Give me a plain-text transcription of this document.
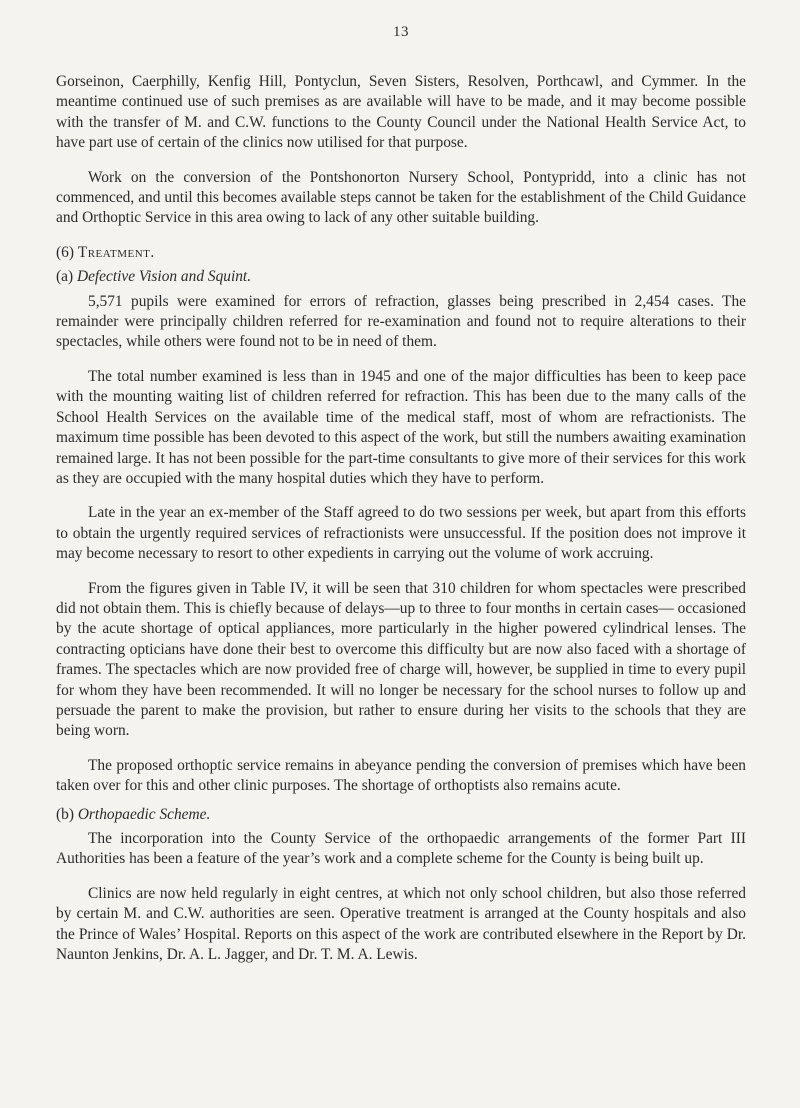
13

Gorseinon, Caerphilly, Kenfig Hill, Pontyclun, Seven Sisters, Resolven, Porthcawl, and Cymmer. In the meantime continued use of such premises as are available will have to be made, and it may become possible with the transfer of M. and C.W. functions to the County Council under the National Health Service Act, to have part use of certain of the clinics now utilised for that purpose.

Work on the conversion of the Pontshonorton Nursery School, Pontypridd, into a clinic has not commenced, and until this becomes available steps cannot be taken for the establishment of the Child Guidance and Orthoptic Service in this area owing to lack of any other suitable building.

(6) Treatment.
(a) Defective Vision and Squint.

5,571 pupils were examined for errors of refraction, glasses being prescribed in 2,454 cases. The remainder were principally children referred for re-examination and found not to require alterations to their spectacles, while others were found not to be in need of them.

The total number examined is less than in 1945 and one of the major difficulties has been to keep pace with the mounting waiting list of children referred for refraction. This has been due to the many calls of the School Health Services on the available time of the medical staff, most of whom are refractionists. The maximum time possible has been devoted to this aspect of the work, but still the numbers awaiting examination remained large. It has not been possible for the part-time consultants to give more of their services for this work as they are occupied with the many hospital duties which they have to perform.

Late in the year an ex-member of the Staff agreed to do two sessions per week, but apart from this efforts to obtain the urgently required services of refractionists were unsuccessful. If the position does not improve it may become necessary to resort to other expedients in carrying out the volume of work accruing.

From the figures given in Table IV, it will be seen that 310 children for whom spectacles were prescribed did not obtain them. This is chiefly because of delays—up to three to four months in certain cases— occasioned by the acute shortage of optical appliances, more particularly in the higher powered cylindrical lenses. The contracting opticians have done their best to overcome this difficulty but are now also faced with a shortage of frames. The spectacles which are now provided free of charge will, however, be supplied in time to every pupil for whom they have been recommended. It will no longer be necessary for the school nurses to follow up and persuade the parent to make the provision, but rather to ensure during her visits to the schools that they are being worn.

The proposed orthoptic service remains in abeyance pending the conversion of premises which have been taken over for this and other clinic purposes. The shortage of orthoptists also remains acute.

(b) Orthopaedic Scheme.

The incorporation into the County Service of the orthopaedic arrangements of the former Part III Authorities has been a feature of the year’s work and a complete scheme for the County is being built up.

Clinics are now held regularly in eight centres, at which not only school children, but also those referred by certain M. and C.W. authorities are seen. Operative treatment is arranged at the County hospitals and also the Prince of Wales’ Hospital. Reports on this aspect of the work are contributed elsewhere in the Report by Dr. Naunton Jenkins, Dr. A. L. Jagger, and Dr. T. M. A. Lewis.
